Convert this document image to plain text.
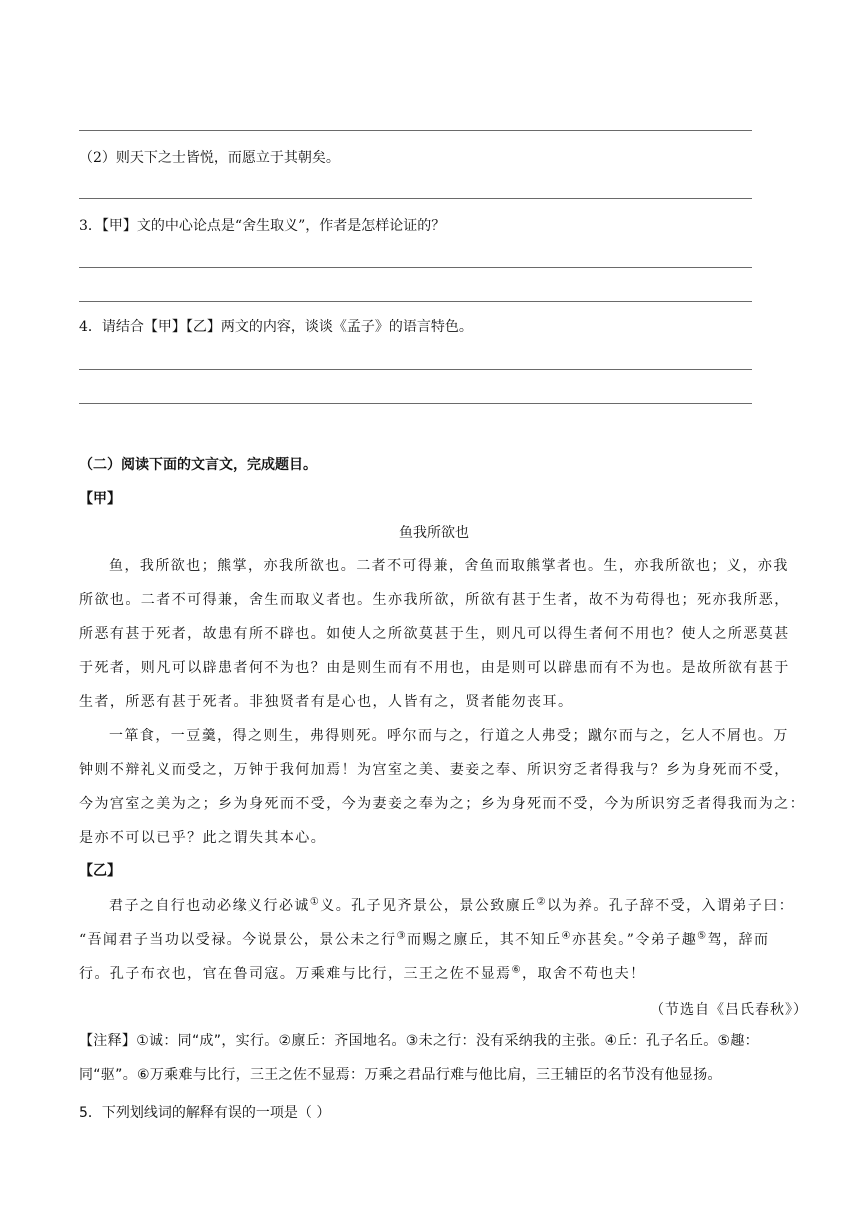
（2）则天下之士皆悦，而愿立于其朝矣。
3．【甲】文的中心论点是“舍生取义”，作者是怎样论证的？
4．请结合【甲】【乙】两文的内容，谈谈《孟子》的语言特色。
（二）阅读下面的文言文，完成题目。
【甲】
鱼我所欲也
鱼，我所欲也；熊掌，亦我所欲也。二者不可得兼，舍鱼而取熊掌者也。生，亦我所欲也；义，亦我
所欲也。二者不可得兼，舍生而取义者也。生亦我所欲，所欲有甚于生者，故不为苟得也；死亦我所恶，
所恶有甚于死者，故患有所不辟也。如使人之所欲莫甚于生，则凡可以得生者何不用也？使人之所恶莫甚
于死者，则凡可以辟患者何不为也？由是则生而有不用也，由是则可以辟患而有不为也。是故所欲有甚于
生者，所恶有甚于死者。非独贤者有是心也，人皆有之，贤者能勿丧耳。
一箪食，一豆羹，得之则生，弗得则死。呼尔而与之，行道之人弗受；蹴尔而与之，乞人不屑也。万
钟则不辩礼义而受之，万钟于我何加焉！为宫室之美、妻妾之奉、所识穷乏者得我与？乡为身死而不受，
今为宫室之美为之；乡为身死而不受，今为妻妾之奉为之；乡为身死而不受，今为所识穷乏者得我而为之：
是亦不可以已乎？此之谓失其本心。
【乙】
君子之自行也动必缘义行必诚①义。孔子见齐景公，景公致廪丘②以为养。孔子辞不受，入谓弟子曰：
“吾闻君子当功以受禄。今说景公，景公未之行③而赐之廪丘，其不知丘④亦甚矣。”令弟子趣⑤驾，辞而
行。孔子布衣也，官在鲁司寇。万乘难与比行，三王之佐不显焉⑥，取舍不苟也夫！
（节选自《吕氏春秋》）
【注释】①诚：同“成”，实行。②廪丘：齐国地名。③未之行：没有采纳我的主张。④丘：孔子名丘。⑤趣：
同“驱”。⑥万乘难与比行，三王之佐不显焉：万乘之君品行难与他比肩，三王辅臣的名节没有他显扬。
5．下列划线词的解释有误的一项是（ ）
